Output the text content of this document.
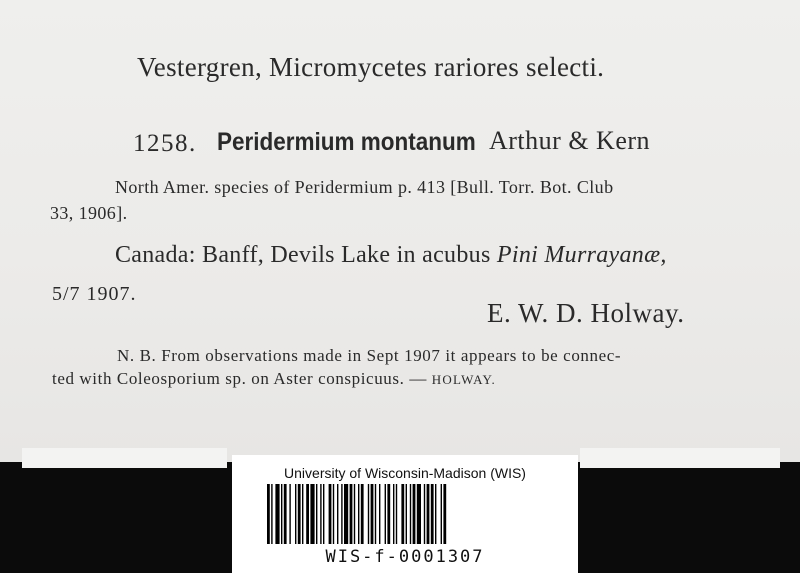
Vestergren, Micromycetes rariores selecti.
1258. Peridermium montanum Arthur & Kern
North Amer. species of Peridermium p. 413 [Bull. Torr. Bot. Club
33, 1906].
Canada: Banff, Devils Lake in acubus Pini Murrayanæ,
5/7 1907.
E. W. D. Holway.
N. B. From observations made in Sept 1907 it appears to be connec-
ted with Coleosporium sp. on Aster conspicuus. — HOLWAY.
University of Wisconsin-Madison (WIS)
WIS-f-0001307
